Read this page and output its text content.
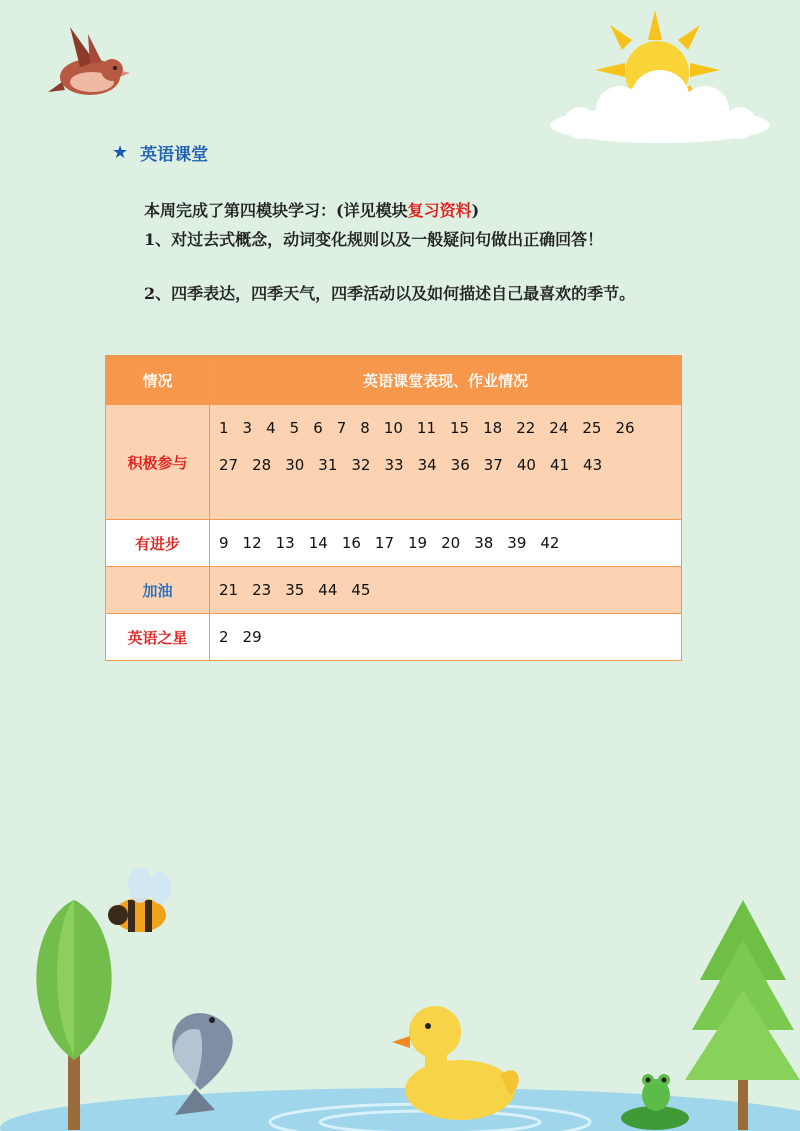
★ 英语课堂
本周完成了第四模块学习：(详见模块复习资料)
1、对过去式概念，动词变化规则以及一般疑问句做出正确回答！
2、四季表达，四季天气，四季活动以及如何描述自己最喜欢的季节。
情况	英语课堂表现、作业情况
积极参与	1 3 4 5 6 7 8 10 11 15 18 22 24 25 2627 28 30 31 32 33 34 36 37 40 41 43

有进步	9 12 13 14 16 17 19 20 38 39 42

加油	21 23 35 44 45

英语之星	2 29
